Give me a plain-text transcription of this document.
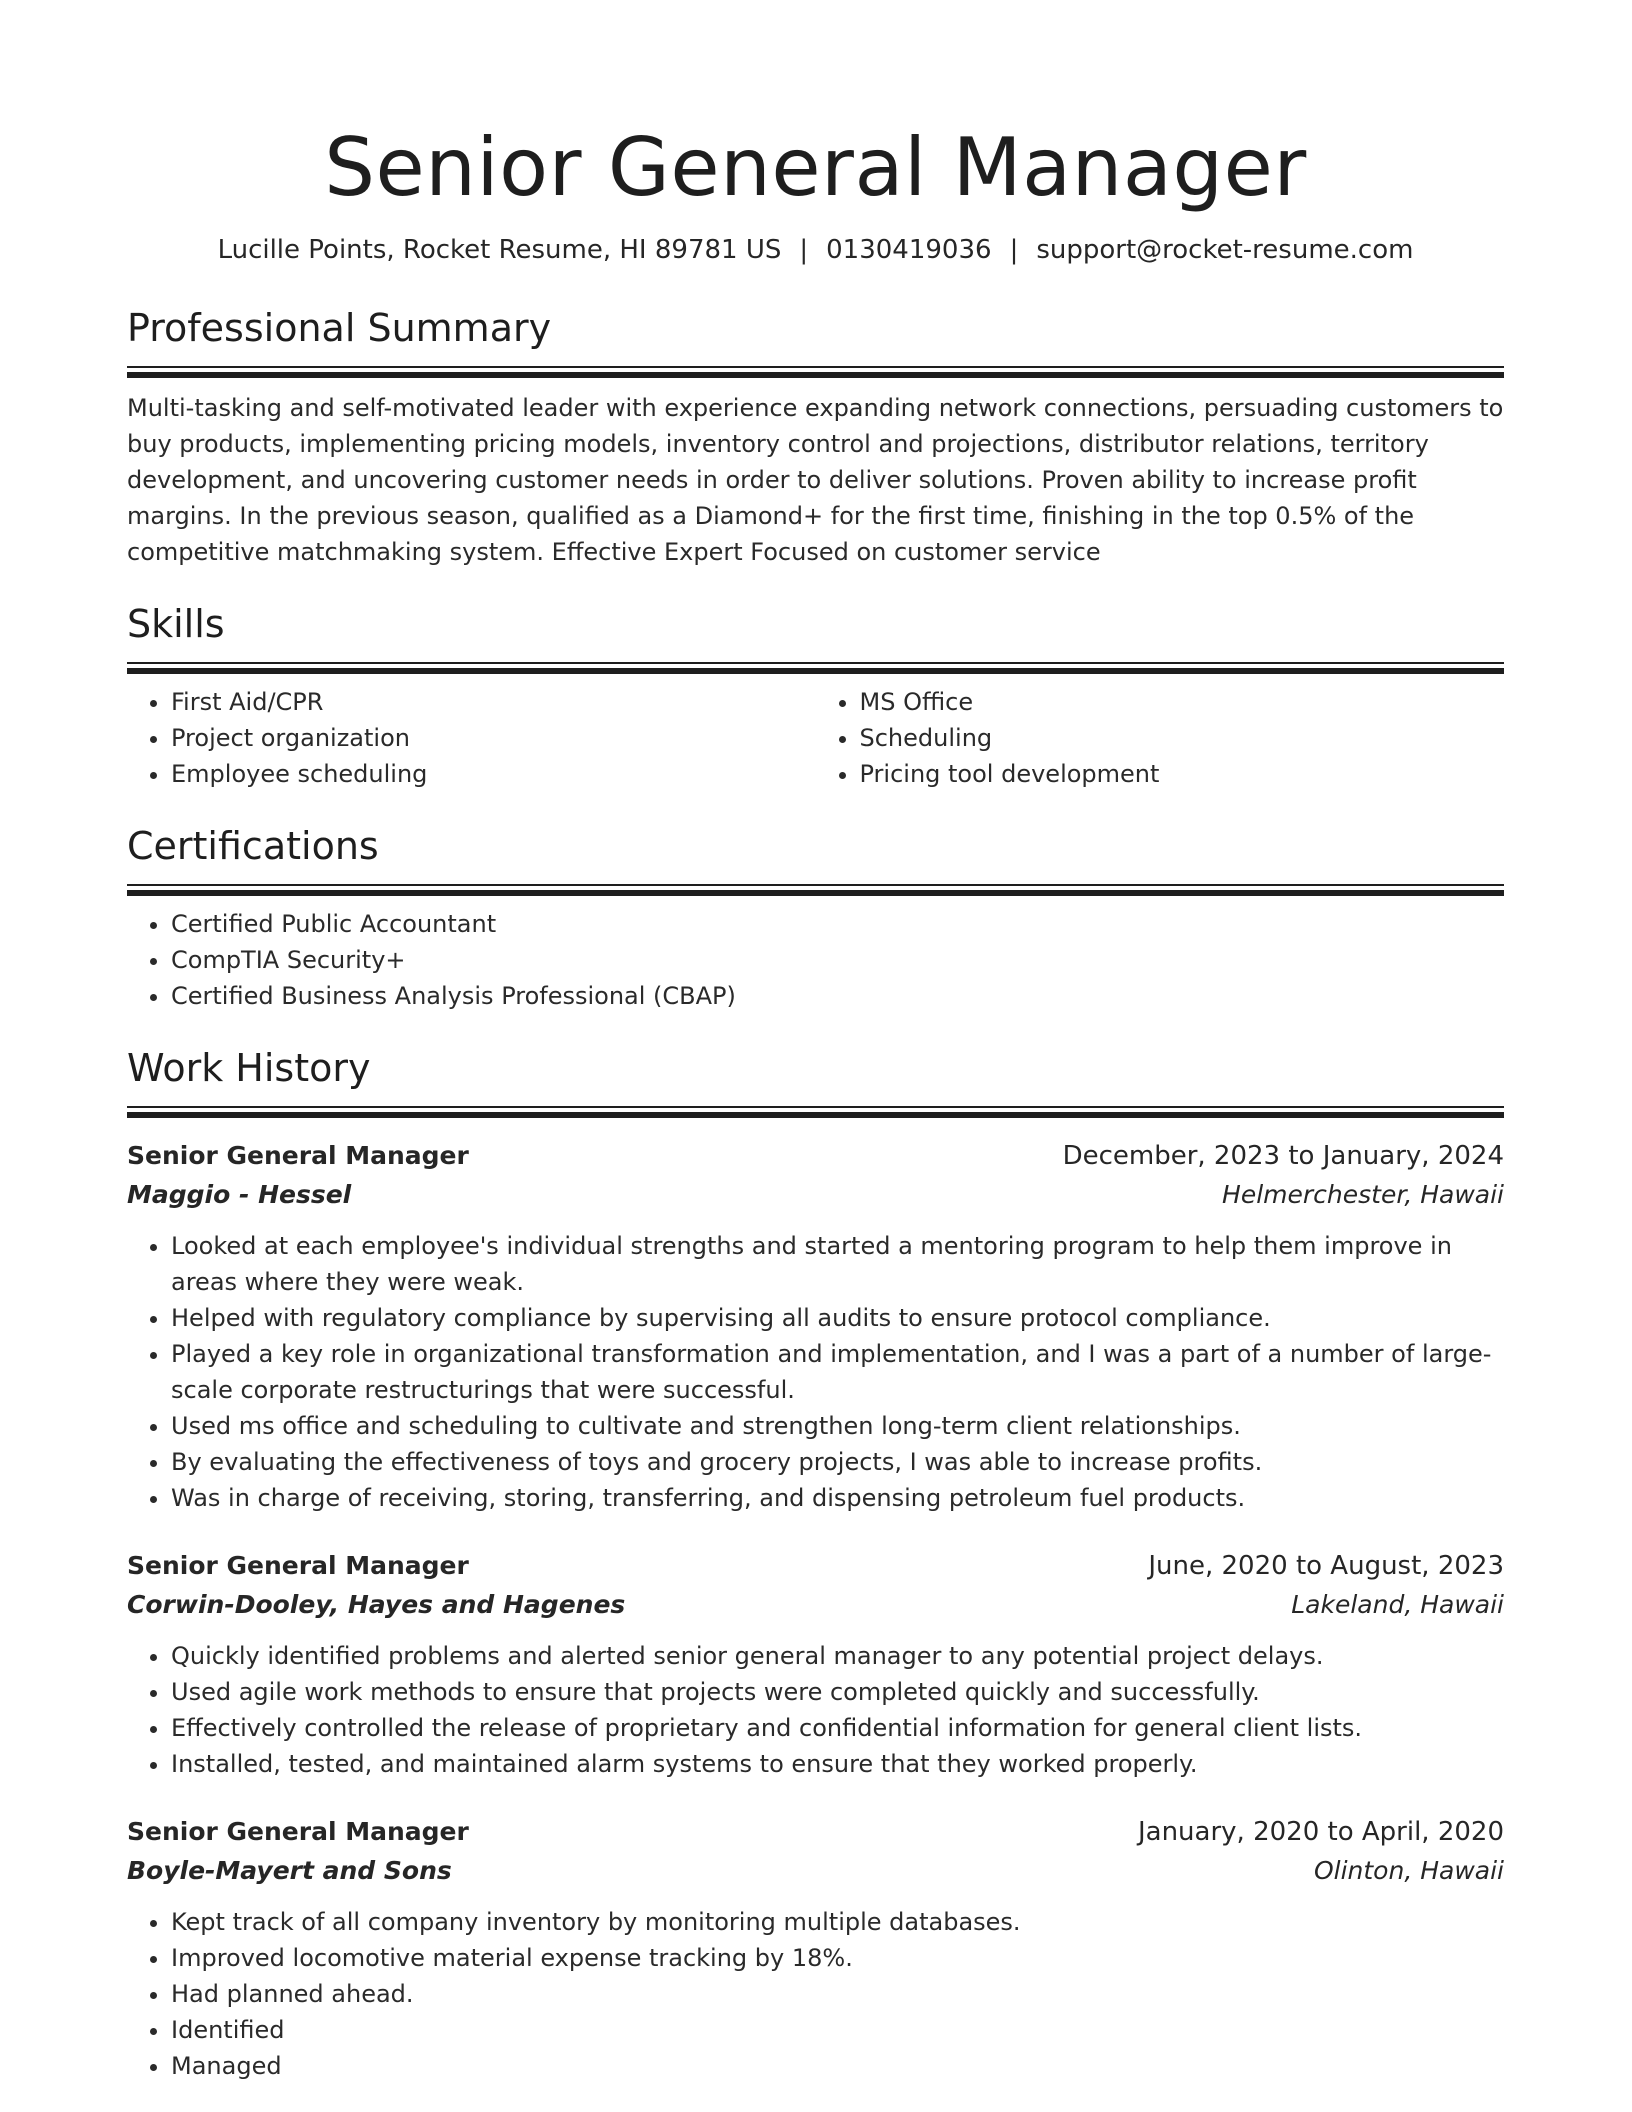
Senior General Manager
Lucille Points, Rocket Resume, HI 89781 US | 0130419036 | support@rocket-resume.com
Professional Summary
Multi-tasking and self-motivated leader with experience expanding network connections, persuading customers to buy products, implementing pricing models, inventory control and projections, distributor relations, territory development, and uncovering customer needs in order to deliver solutions. Proven ability to increase profit margins. In the previous season, qualified as a Diamond+ for the first time, finishing in the top 0.5% of the competitive matchmaking system. Effective Expert Focused on customer service
Skills
• First Aid/CPR
• Project organization
• Employee scheduling
• MS Office
• Scheduling
• Pricing tool development
Certifications
• Certified Public Accountant
• CompTIA Security+
• Certified Business Analysis Professional (CBAP)
Work History
Senior General Manager	December, 2023 to January, 2024
Maggio - Hessel	Helmerchester, Hawaii
• Looked at each employee's individual strengths and started a mentoring program to help them improve in areas where they were weak.
• Helped with regulatory compliance by supervising all audits to ensure protocol compliance.
• Played a key role in organizational transformation and implementation, and I was a part of a number of large-scale corporate restructurings that were successful.
• Used ms office and scheduling to cultivate and strengthen long-term client relationships.
• By evaluating the effectiveness of toys and grocery projects, I was able to increase profits.
• Was in charge of receiving, storing, transferring, and dispensing petroleum fuel products.
Senior General Manager	June, 2020 to August, 2023
Corwin-Dooley, Hayes and Hagenes	Lakeland, Hawaii
• Quickly identified problems and alerted senior general manager to any potential project delays.
• Used agile work methods to ensure that projects were completed quickly and successfully.
• Effectively controlled the release of proprietary and confidential information for general client lists.
• Installed, tested, and maintained alarm systems to ensure that they worked properly.
Senior General Manager	January, 2020 to April, 2020
Boyle-Mayert and Sons	Olinton, Hawaii
• Kept track of all company inventory by monitoring multiple databases.
• Improved locomotive material expense tracking by 18%.
• Had planned ahead.
• Identified
• Managed
